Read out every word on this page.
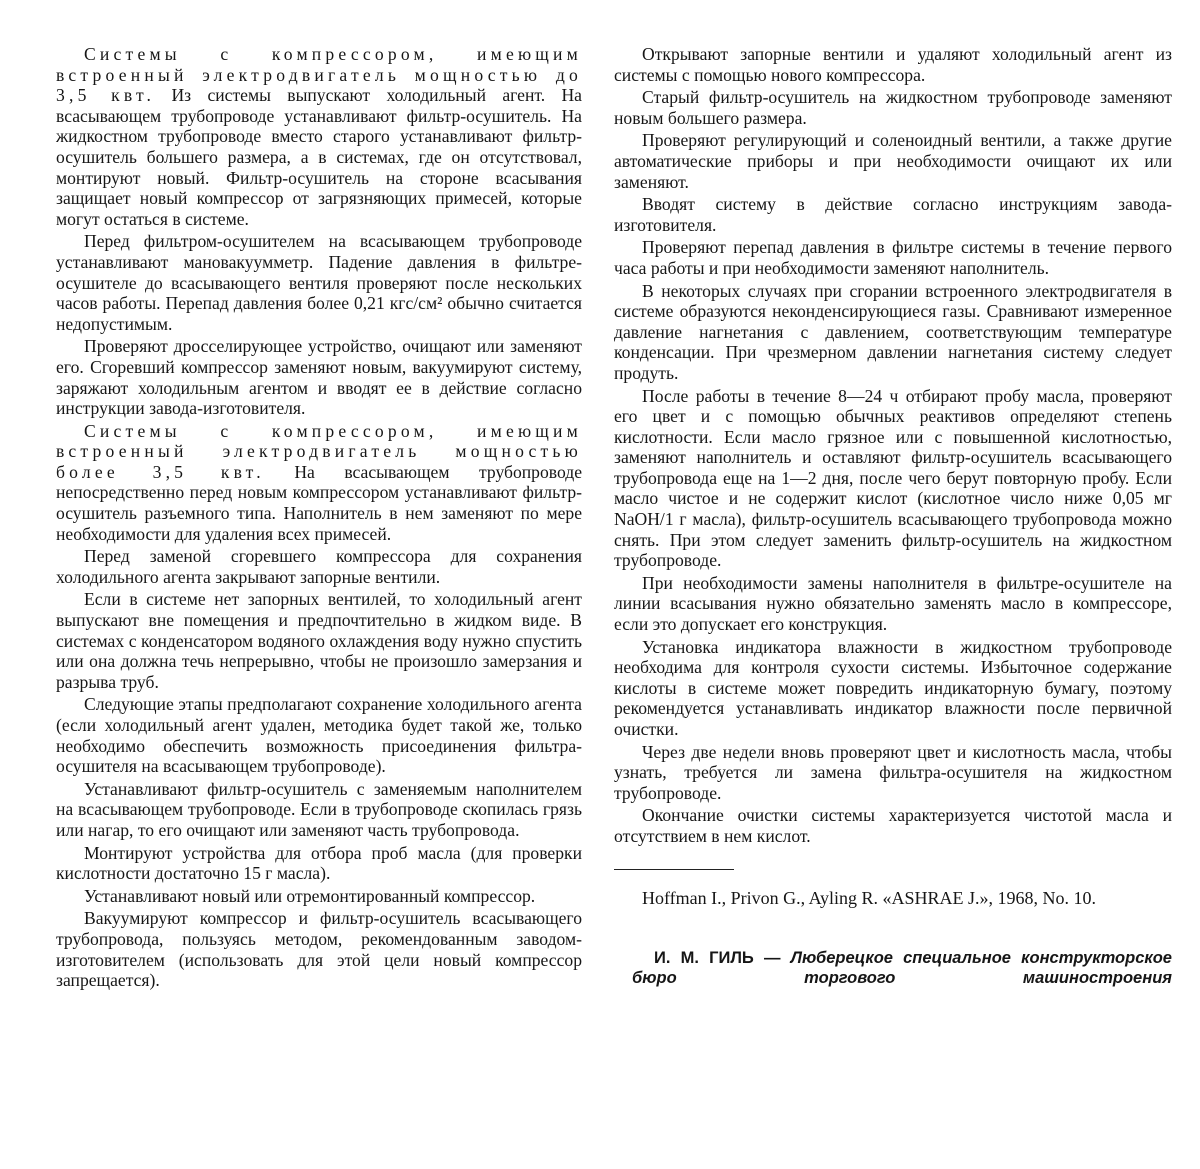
Системы с компрессором, имеющим встроенный электродвигатель мощностью до 3,5 квт. Из системы выпускают холодильный агент. На всасывающем трубопроводе устанавливают фильтр-осушитель. На жидкостном трубопроводе вместо старого устанавливают фильтр-осушитель большего размера, а в системах, где он отсутствовал, монтируют новый. Фильтр-осушитель на стороне всасывания защищает новый компрессор от загрязняющих примесей, которые могут остаться в системе.

Перед фильтром-осушителем на всасывающем трубопроводе устанавливают мановакуумметр. Падение давления в фильтре-осушителе до всасывающего вентиля проверяют после нескольких часов работы. Перепад давления более 0,21 кгс/см² обычно считается недопустимым.

Проверяют дросселирующее устройство, очищают или заменяют его. Сгоревший компрессор заменяют новым, вакуумируют систему, заряжают холодильным агентом и вводят ее в действие согласно инструкции завода-изготовителя.

Системы с компрессором, имеющим встроенный электродвигатель мощностью более 3,5 квт. На всасывающем трубопроводе непосредственно перед новым компрессором устанавливают фильтр-осушитель разъемного типа. Наполнитель в нем заменяют по мере необходимости для удаления всех примесей.

Перед заменой сгоревшего компрессора для сохранения холодильного агента закрывают запорные вентили.

Если в системе нет запорных вентилей, то холодильный агент выпускают вне помещения и предпочтительно в жидком виде. В системах с конденсатором водяного охлаждения воду нужно спустить или она должна течь непрерывно, чтобы не произошло замерзания и разрыва труб.

Следующие этапы предполагают сохранение холодильного агента (если холодильный агент удален, методика будет такой же, только необходимо обеспечить возможность присоединения фильтра-осушителя на всасывающем трубопроводе).

Устанавливают фильтр-осушитель с заменяемым наполнителем на всасывающем трубопроводе. Если в трубопроводе скопилась грязь или нагар, то его очищают или заменяют часть трубопровода.

Монтируют устройства для отбора проб масла (для проверки кислотности достаточно 15 г масла).

Устанавливают новый или отремонтированный компрессор.

Вакуумируют компрессор и фильтр-осушитель всасывающего трубопровода, пользуясь методом, рекомендованным заводом-изготовителем (использовать для этой цели новый компрессор запрещается).

Открывают запорные вентили и удаляют холодильный агент из системы с помощью нового компрессора.

Старый фильтр-осушитель на жидкостном трубопроводе заменяют новым большего размера.

Проверяют регулирующий и соленоидный вентили, а также другие автоматические приборы и при необходимости очищают их или заменяют.

Вводят систему в действие согласно инструкциям завода-изготовителя.

Проверяют перепад давления в фильтре системы в течение первого часа работы и при необходимости заменяют наполнитель.

В некоторых случаях при сгорании встроенного электродвигателя в системе образуются неконденсирующиеся газы. Сравнивают измеренное давление нагнетания с давлением, соответствующим температуре конденсации. При чрезмерном давлении нагнетания систему следует продуть.

После работы в течение 8—24 ч отбирают пробу масла, проверяют его цвет и с помощью обычных реактивов определяют степень кислотности. Если масло грязное или с повышенной кислотностью, заменяют наполнитель и оставляют фильтр-осушитель всасывающего трубопровода еще на 1—2 дня, после чего берут повторную пробу. Если масло чистое и не содержит кислот (кислотное число ниже 0,05 мг NaOH/1 г масла), фильтр-осушитель всасывающего трубопровода можно снять. При этом следует заменить фильтр-осушитель на жидкостном трубопроводе.

При необходимости замены наполнителя в фильтре-осушителе на линии всасывания нужно обязательно заменять масло в компрессоре, если это допускает его конструкция.

Установка индикатора влажности в жидкостном трубопроводе необходима для контроля сухости системы. Избыточное содержание кислоты в системе может повредить индикаторную бумагу, поэтому рекомендуется устанавливать индикатор влажности после первичной очистки.

Через две недели вновь проверяют цвет и кислотность масла, чтобы узнать, требуется ли замена фильтра-осушителя на жидкостном трубопроводе.

Окончание очистки системы характеризуется чистотой масла и отсутствием в нем кислот.

Hoffman I., Privon G., Ayling R. «ASHRAE J.», 1968, No. 10.

И. М. ГИЛЬ — Люберецкое специальное конструкторское бюро торгового машиностроения
